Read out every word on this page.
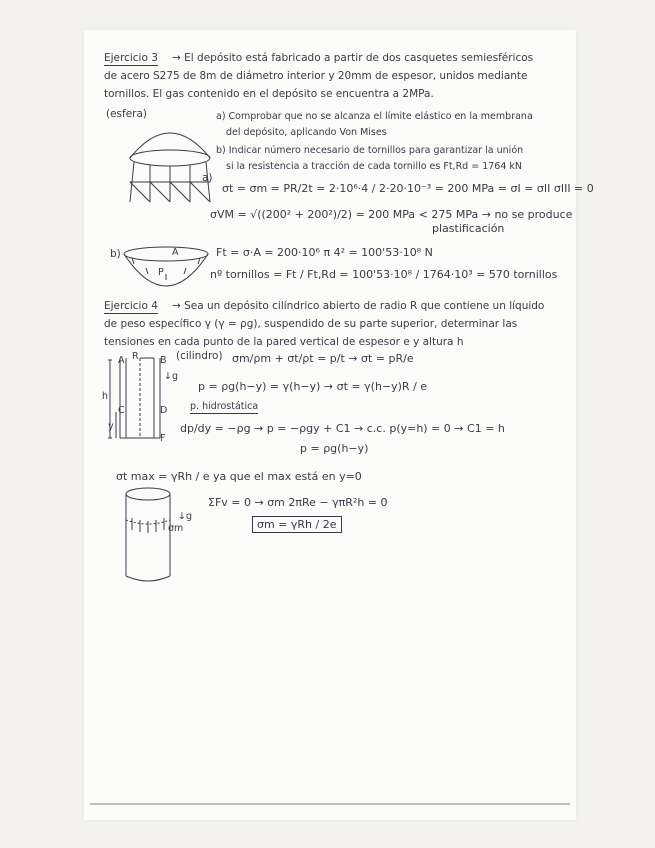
Ejercicio 3 → El depósito está fabricado a partir de dos casquetes semiesféricos
de acero S275 de 8m de diámetro interior y 20mm de espesor, unidos mediante
tornillos. El gas contenido en el depósito se encuentra a 2MPa.
(esfera)	a) Comprobar que no se alcanza el límite elástico en la membrana
del depósito, aplicando Von Mises
b) Indicar número necesario de tornillos para garantizar la unión
si la resistencia a tracción de cada tornillo es Ft,Rd = 1764 kN
a)
σt = σm = PR/2t = 2·10⁶·4 / 2·20·10⁻³ = 200 MPa = σI = σII σIII = 0
σVM = √((200² + 200²)/2) = 200 MPa < 275 MPa → no se produce
plastificación
b)	A
P
Ft = σ·A = 200·10⁶ π 4² = 100'53·10⁸ N
nº tornillos = Ft / Ft,Rd = 100'53·10⁸ / 1764·10³ = 570 tornillos
Ejercicio 4 → Sea un depósito cilíndrico abierto de radio R que contiene un líquido
de peso específico γ (γ = ρg), suspendido de su parte superior, determinar las
tensiones en cada punto de la pared vertical de espesor e y altura h
R
A	B
h
C	D
y
F
↓g
(cilindro) σm/ρm + σt/ρt = p/t → σt = pR/e
p = ρg(h−y) = γ(h−y) → σt = γ(h−y)R / e
p. hidrostática
dp/dy = −ρg → p = −ρgy + C1 → c.c. p(y=h) = 0 → C1 = h
p = ρg(h−y)
σt max = γRh / e ya que el max está en y=0
ΣFv = 0 → σm 2πRe − γπR²h = 0
σm = γRh / 2e
σm
↓g
